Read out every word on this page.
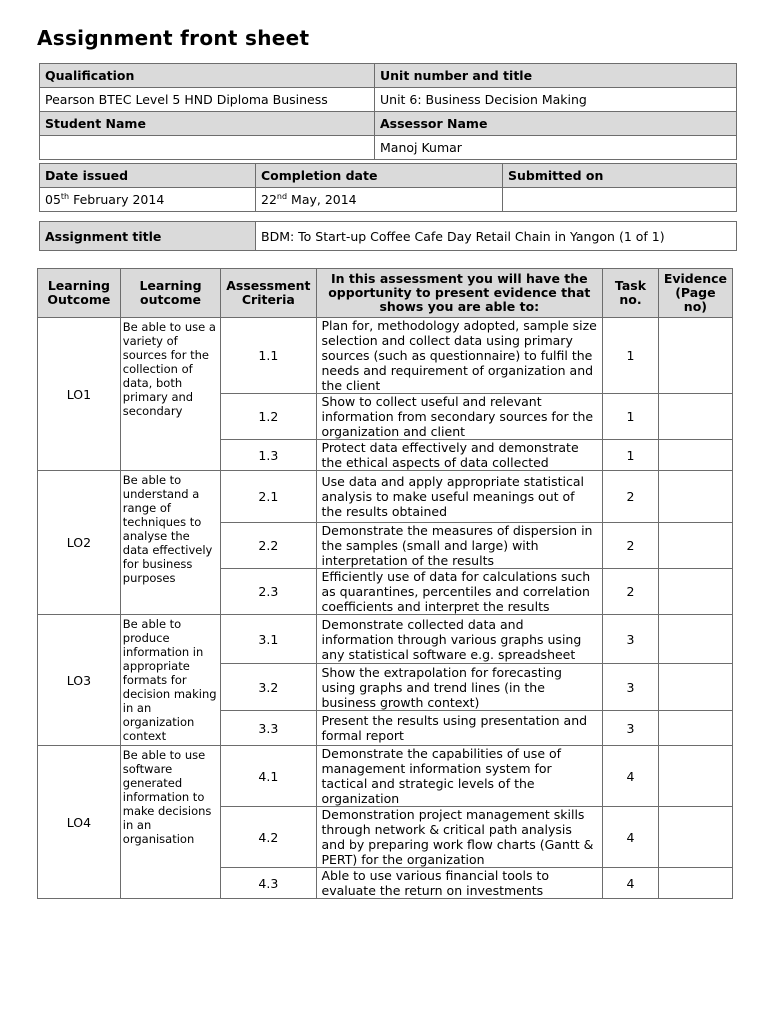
Assignment front sheet
Qualification	Unit number and title
Pearson BTEC Level 5 HND Diploma Business	Unit 6: Business Decision Making
Student Name	Assessor Name
	Manoj Kumar
Date issued	Completion date	Submitted on
05th February 2014	22nd May, 2014	
Assignment title	BDM: To Start-up Coffee Cafe Day Retail Chain in Yangon (1 of 1)
Learning Outcome	Learning outcome	Assessment Criteria	In this assessment you will have the opportunity to present evidence that shows you are able to:	Task no.	Evidence (Page no)
LO1	Be able to use a variety of sources for the collection of data, both primary and secondary	1.1	Plan for, methodology adopted, sample size selection and collect data using primary sources (such as questionnaire) to fulfil the needs and requirement of organization and the client	1	
		1.2	Show to collect useful and relevant information from secondary sources for the organization and client	1	
		1.3	Protect data effectively and demonstrate the ethical aspects of data collected	1	
LO2	Be able to understand a range of techniques to analyse the data effectively for business purposes	2.1	Use data and apply appropriate statistical analysis to make useful meanings out of the results obtained	2	
		2.2	Demonstrate the measures of dispersion in the samples (small and large) with interpretation of the results	2	
		2.3	Efficiently use of data for calculations such as quarantines, percentiles and correlation coefficients and interpret the results	2	
LO3	Be able to produce information in appropriate formats for decision making in an organization context	3.1	Demonstrate collected data and information through various graphs using any statistical software e.g. spreadsheet	3	
		3.2	Show the extrapolation for forecasting using graphs and trend lines (in the business growth context)	3	
		3.3	Present the results using presentation and formal report	3	
LO4	Be able to use software generated information to make decisions in an organisation	4.1	Demonstrate the capabilities of use of management information system for tactical and strategic levels of the organization	4	
		4.2	Demonstration project management skills through network & critical path analysis and by preparing work flow charts (Gantt & PERT) for the organization	4	
		4.3	Able to use various financial tools to evaluate the return on investments	4	
